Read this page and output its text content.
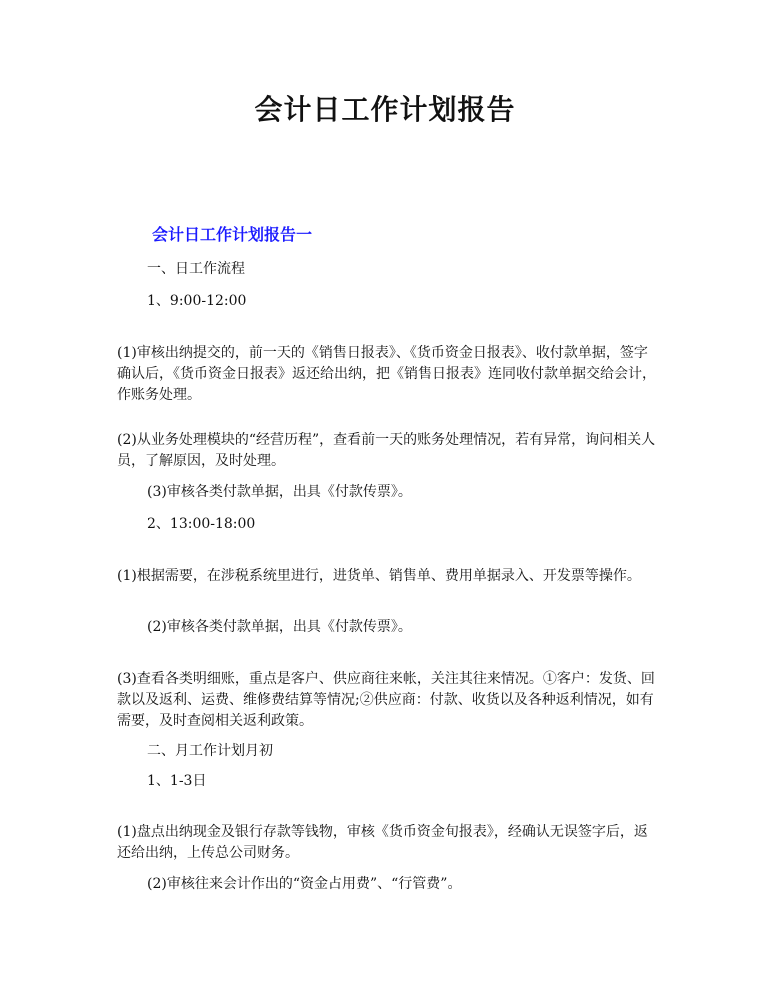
会计日工作计划报告
会计日工作计划报告一

一、日工作流程

1、9:00-12:00

(1)审核出纳提交的，前一天的《销售日报表》、《货币资金日报表》、收付款单据，签字确认后，《货币资金日报表》返还给出纳，把《销售日报表》连同收付款单据交给会计，作账务处理。

(2)从业务处理模块的“经营历程”，查看前一天的账务处理情况，若有异常，询问相关人员，了解原因，及时处理。

(3)审核各类付款单据，出具《付款传票》。

2、13:00-18:00

(1)根据需要，在涉税系统里进行，进货单、销售单、费用单据录入、开发票等操作。

(2)审核各类付款单据，出具《付款传票》。

(3)查看各类明细账，重点是客户、供应商往来帐，关注其往来情况。①客户：发货、回款以及返利、运费、维修费结算等情况;②供应商：付款、收货以及各种返利情况，如有需要，及时查阅相关返利政策。

二、月工作计划月初

1、1-3日

(1)盘点出纳现金及银行存款等钱物，审核《货币资金旬报表》，经确认无误签字后，返还给出纳，上传总公司财务。

(2)审核往来会计作出的“资金占用费”、“行管费”。
